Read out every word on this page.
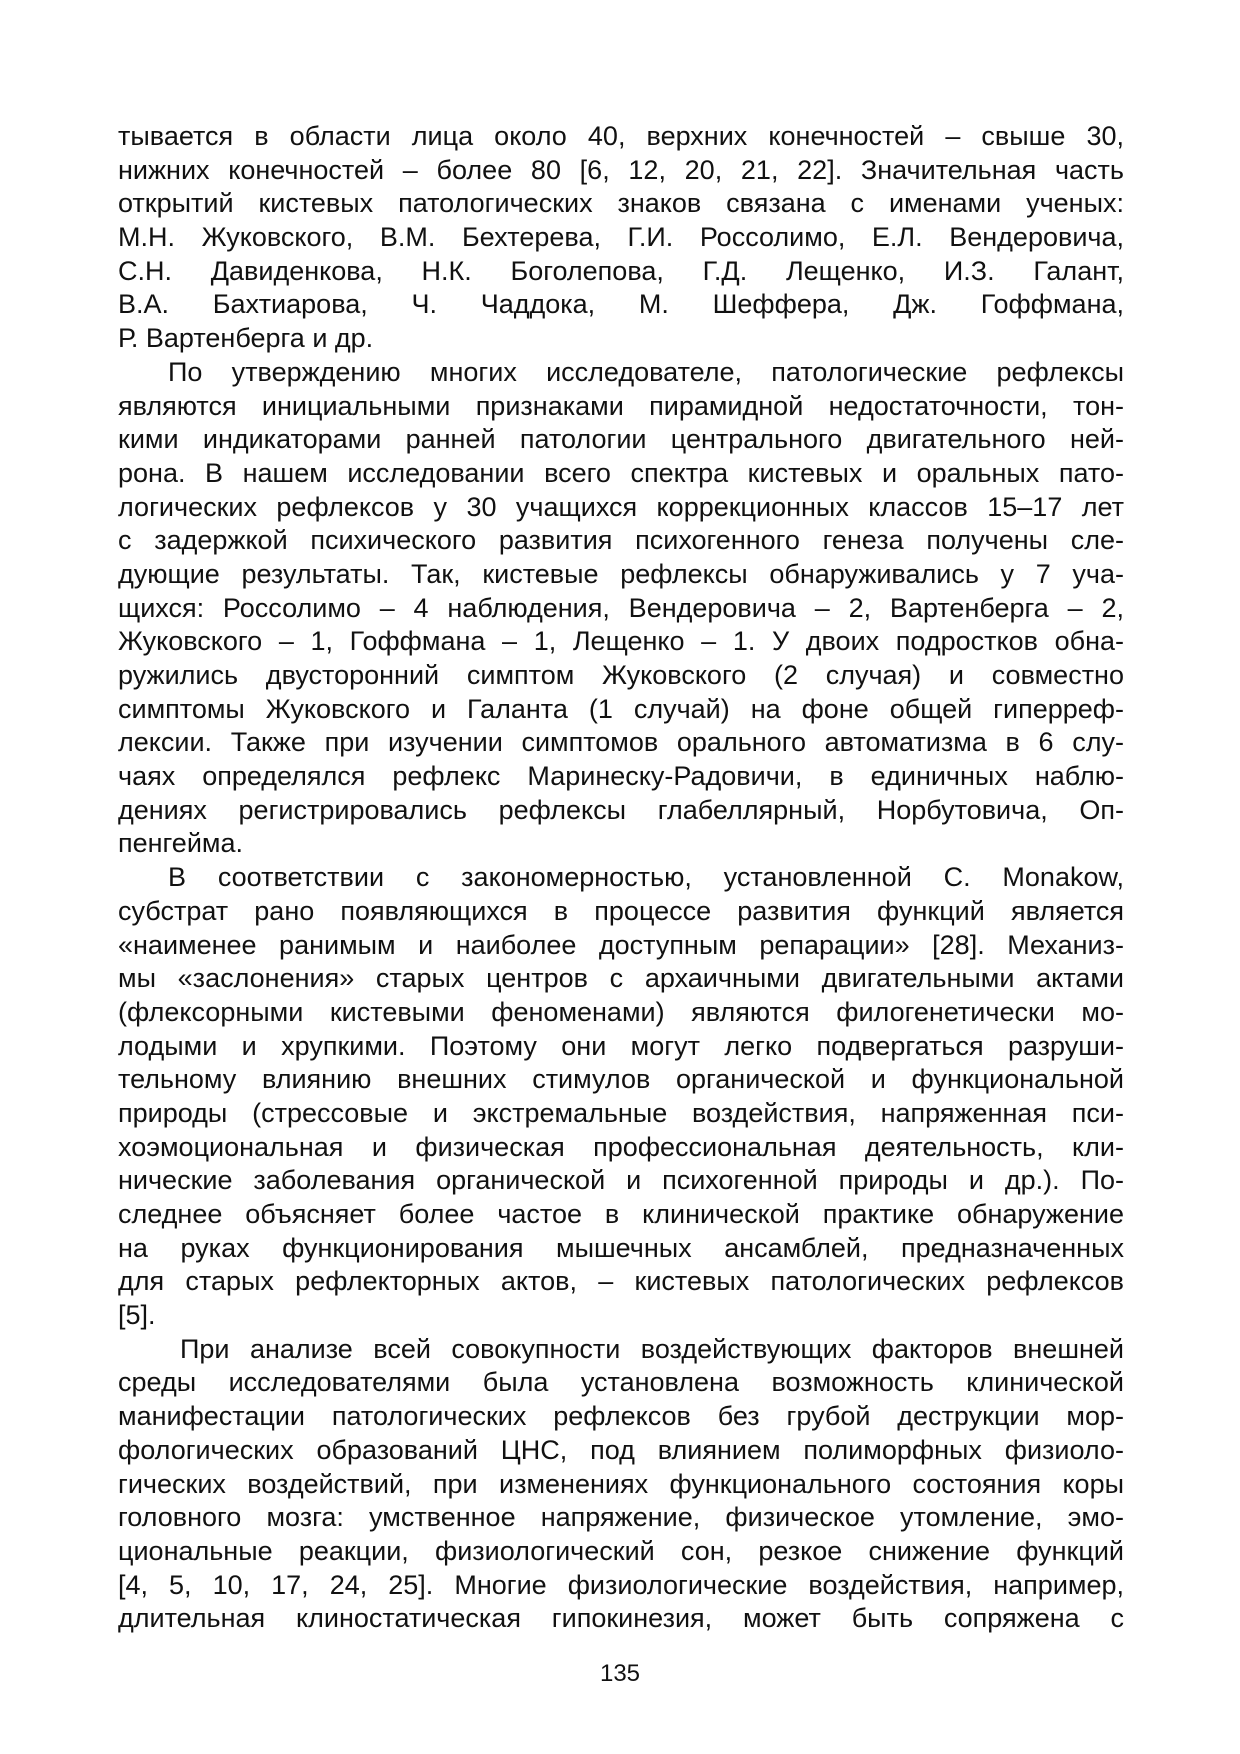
тывается в области лица около 40, верхних конечностей – свыше 30,
нижних конечностей – более 80 [6, 12, 20, 21, 22]. Значительная часть
открытий кистевых патологических знаков связана с именами ученых:
М.Н. Жуковского, В.М. Бехтерева, Г.И. Россолимо, Е.Л. Вендеровича,
С.Н. Давиденкова, Н.К. Боголепова, Г.Д. Лещенко, И.З. Галант,
В.А. Бахтиарова, Ч. Чаддока, М. Шеффера, Дж. Гоффмана,
Р. Вартенберга и др.
По утверждению многих исследователе, патологические рефлексы
являются инициальными признаками пирамидной недостаточности, тон-
кими индикаторами ранней патологии центрального двигательного ней-
рона. В нашем исследовании всего спектра кистевых и оральных пато-
логических рефлексов у 30 учащихся коррекционных классов 15–17 лет
с задержкой психического развития психогенного генеза получены сле-
дующие результаты. Так, кистевые рефлексы обнаруживались у 7 уча-
щихся: Россолимо – 4 наблюдения, Вендеровича – 2, Вартенберга – 2,
Жуковского – 1, Гоффмана – 1, Лещенко – 1. У двоих подростков обна-
ружились двусторонний симптом Жуковского (2 случая) и совместно
симптомы Жуковского и Галанта (1 случай) на фоне общей гиперреф-
лексии. Также при изучении симптомов орального автоматизма в 6 слу-
чаях определялся рефлекс Маринеску-Радовичи, в единичных наблю-
дениях регистрировались рефлексы глабеллярный, Норбутовича, Оп-
пенгейма.
В соответствии с закономерностью, установленной C. Monakow,
субстрат рано появляющихся в процессе развития функций является
«наименее ранимым и наиболее доступным репарации» [28]. Механиз-
мы «заслонения» старых центров с архаичными двигательными актами
(флексорными кистевыми феноменами) являются филогенетически мо-
лодыми и хрупкими. Поэтому они могут легко подвергаться разруши-
тельному влиянию внешних стимулов органической и функциональной
природы (стрессовые и экстремальные воздействия, напряженная пси-
хоэмоциональная и физическая профессиональная деятельность, кли-
нические заболевания органической и психогенной природы и др.). По-
следнее объясняет более частое в клинической практике обнаружение
на руках функционирования мышечных ансамблей, предназначенных
для старых рефлекторных актов, – кистевых патологических рефлексов
[5].
При анализе всей совокупности воздействующих факторов внешней
среды исследователями была установлена возможность клинической
манифестации патологических рефлексов без грубой деструкции мор-
фологических образований ЦНС, под влиянием полиморфных физиоло-
гических воздействий, при изменениях функционального состояния коры
головного мозга: умственное напряжение, физическое утомление, эмо-
циональные реакции, физиологический сон, резкое снижение функций
[4, 5, 10, 17, 24, 25]. Многие физиологические воздействия, например,
длительная клиностатическая гипокинезия, может быть сопряжена с
135
